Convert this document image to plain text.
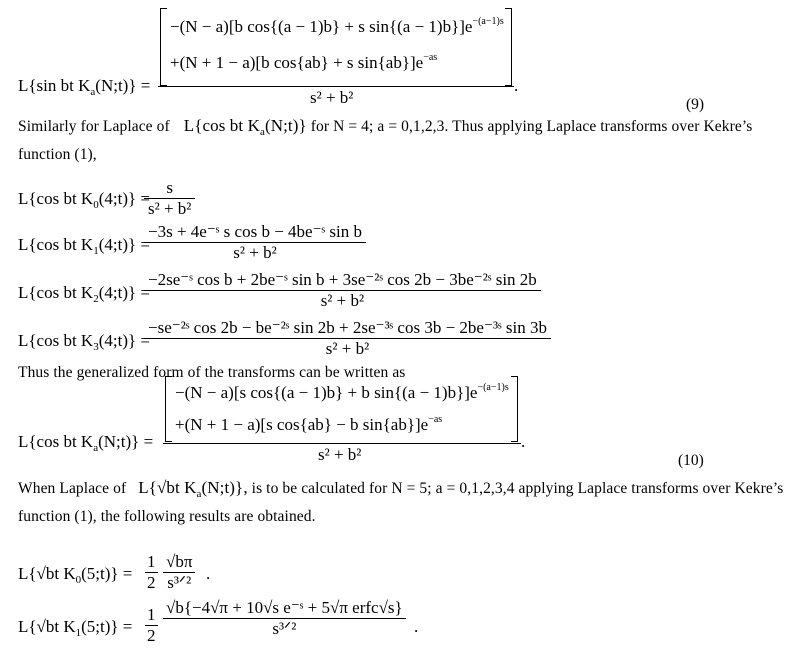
L{sin bt $K_a(N;t)$} =
−(N − a)[b cos{(a − 1)b} + s $\sin\{(a - 1)b\}]e^{-(a-1)s}$
+(N + 1 − a)[b cos{ab} + s $\sin\{ab\}]e^{-as}$
s² + b²
.
(9)
Similarly for Laplace of L{cos bt $K_a(N;t)$} for N = 4; a = 0,1,2,3. Thus applying Laplace transforms over Kekre’s
function (1),
L{cos bt $K_0(4;t)$} =
$\frac{s}{\text{s² + b²}}$
L{cos bt $K_1(4;t)$} =
$\frac{\text{−3s + 4e⁻ˢ s cos b − 4be⁻ˢ sin b}}{\text{s² + b²}}$
L{cos bt $K_2(4;t)$} =
$\frac{\text{−2se⁻ˢ cos b + 2be⁻ˢ sin b + 3se⁻²ˢ cos 2b − 3be⁻²ˢ sin 2b}}{\text{s² + b²}}$
L{cos bt $K_3(4;t)$} =
$\frac{\text{−se⁻²ˢ cos 2b − be⁻²ˢ sin 2b + 2se⁻³ˢ cos 3b − 2be⁻³ˢ sin 3b}}{\text{s² + b²}}$
Thus the generalized form of the transforms can be written as
L{cos bt $K_a(N;t)$} =
−(N − a)[s cos{(a − 1)b} + b $\sin\{(a - 1)b\}]e^{-(a-1)s}$
+(N + 1 − a)[s cos{ab} − b $\sin\{ab\}]e^{-as}$
s² + b²
.
(10)
When Laplace of L{√bt $K_a(N;t)$}, is to be calculated for N = 5; a = 0,1,2,3,4 applying Laplace transforms over Kekre’s
function (1), the following results are obtained.
L{√bt $K_0(5;t)\} = \frac{1}{2} √b\pi$
s³ᐟ² .
L{√bt $K_1(5;t)\} = \frac{1}{2} √b\{-4√\pi + 10√s$ e⁻ˢ + 5√π erfc√s}
s³ᐟ²	.
